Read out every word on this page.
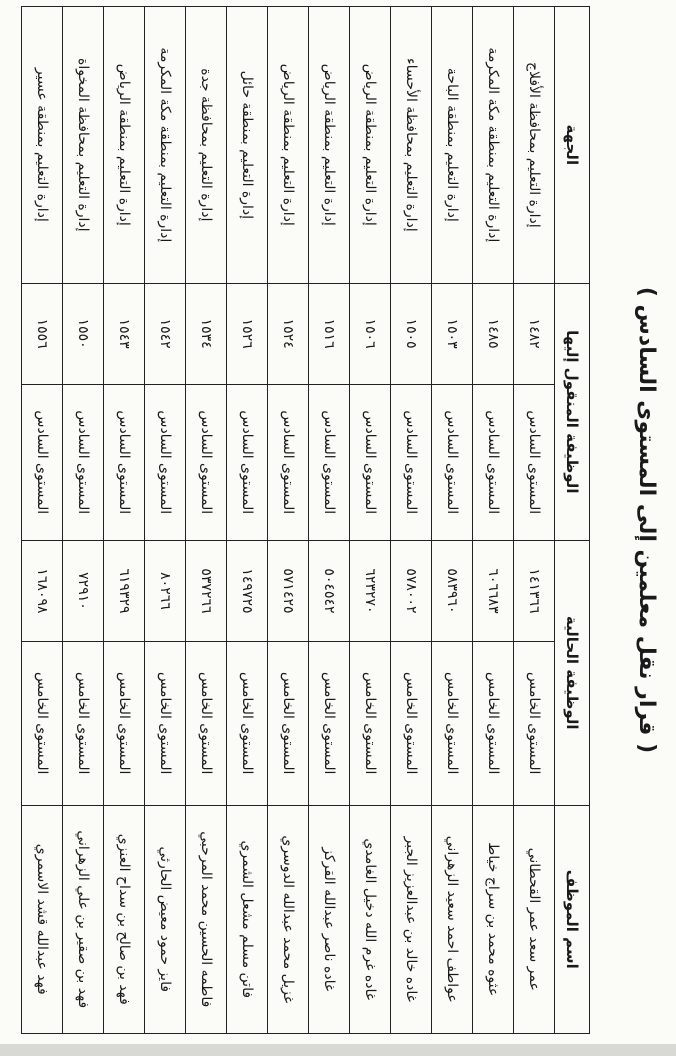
( قرار نقل معلمين إلى المستوى السادس )
اسم الموظف	الوظيفة الحالية		الوظيفة المنقول إليها		الجهة
عمر سعد عمر القحطاني	المستوى الخامس	١٤١٣٦٦	المستوى السادس	١٤٨٢	إدارة التعليم بمحافظة الأفلاج
عثوه محمد بن سراج خياط	المستوى الخامس	٦٠٦٦٨٣	المستوى السادس	١٤٨٥	إدارة التعليم بمنطقة مكة المكرمة
عواطف احمد سعيد الزهراني	المستوى الخامس	٥٨٣٩٦٠	المستوى السادس	١٥٠٣	إدارة التعليم بمنطقة الباحة
غاده خالد بن عبدالعزيز الجبر	المستوى الخامس	٥٧٨٠٠٢	المستوى السادس	١٥٠٥	إدارة التعليم بمحافظة الأحساء
غاده غرم الله دخيل الغامدي	المستوى الخامس	٦٢٣٢٧٠	المستوى السادس	١٥٠٦	إدارة التعليم بمنطقة الرياض
غاده ناصر عبدالله القركز	المستوى الخامس	٥٠٤٥٤٢	المستوى السادس	١٥١٦	إدارة التعليم بمنطقة الرياض
غزيل محمد عبدالله الدوسري	المستوى الخامس	٥٧١٤٢٥	المستوى السادس	١٥٢٤	إدارة التعليم بمنطقة الرياض
فاتن مسلم مشعل الشمري	المستوى الخامس	١٤٩٧٢٥	المستوى السادس	١٥٢٦	إدارة التعليم بمنطقة حائل
فاطمه الحسين محمد المرحبي	المستوى الخامس	٥٣٧٢٦٦	المستوى السادس	١٥٣٤	إدارة التعليم بمحافظة جدة
فايز حمود معيض الحارثي	المستوى الخامس	٨٠٢٦٦	المستوى السادس	١٥٤٢	إدارة التعليم بمنطقة مكة المكرمة
فهد بن صالح بن سداح العنزي	المستوى الخامس	٦١٩٣٢٩	المستوى السادس	١٥٤٣	إدارة التعليم بمنطقة الرياض
فهد بن صقير بن علي الزهراني	المستوى الخامس	٧٢٩١٠	المستوى السادس	١٥٥٠	إدارة التعليم بمحافظة المخواة
فهد عبدالله قشد الاسمري	المستوى الخامس	١٦٨٠٩٨	المستوى السادس	١٥٥٦	إدارة التعليم بمنطقة عسير
